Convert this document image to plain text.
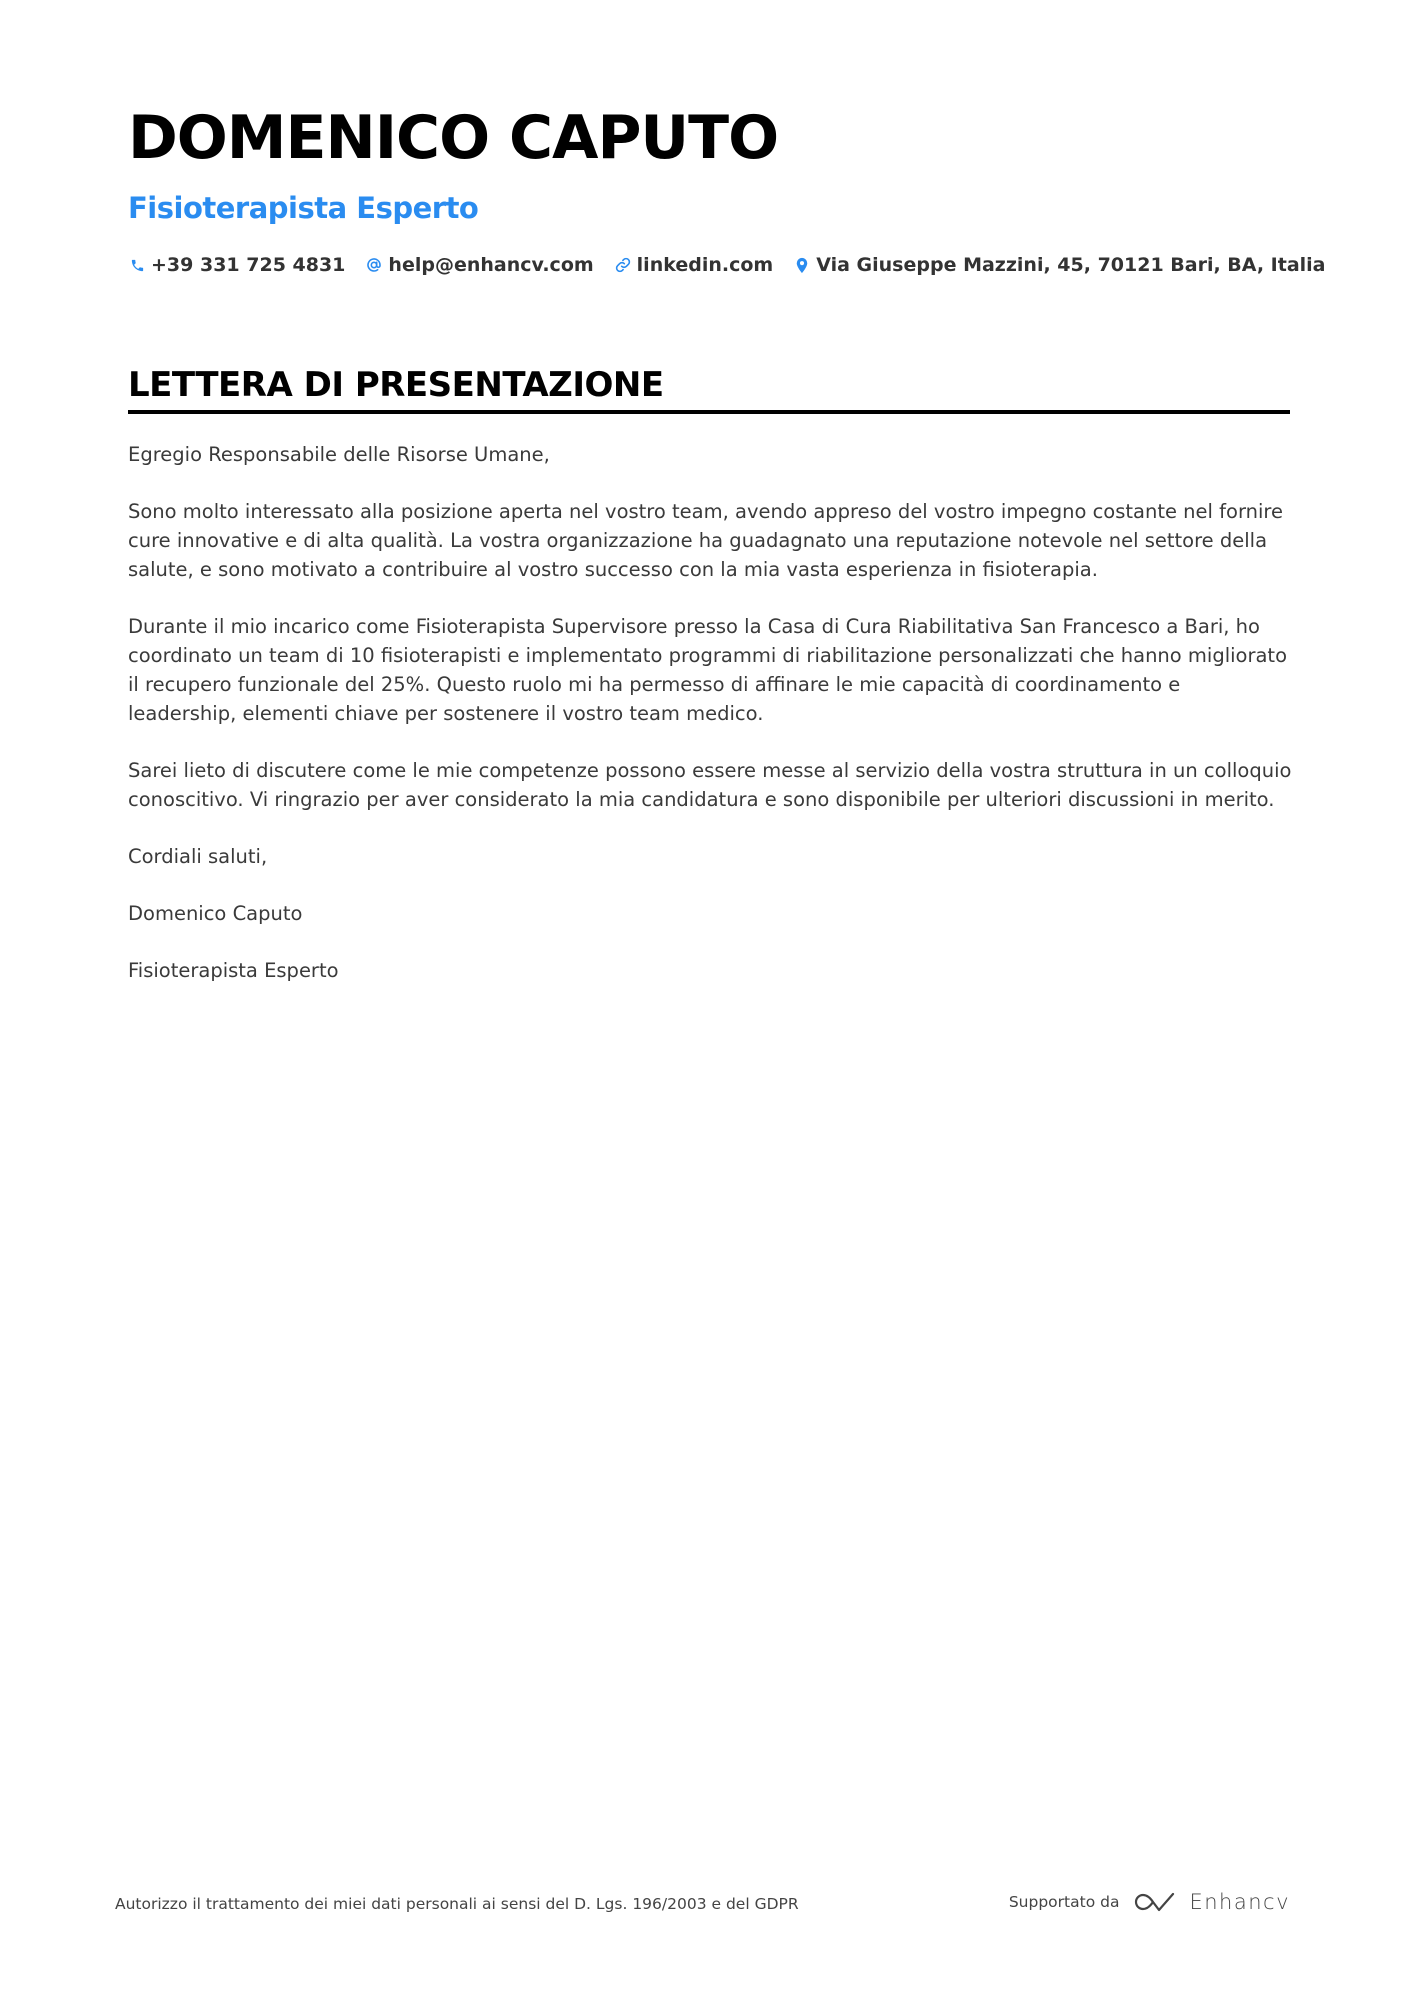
DOMENICO CAPUTO
Fisioterapista Esperto
+39 331 725 4831 help@enhancv.com linkedin.com Via Giuseppe Mazzini, 45, 70121 Bari, BA, Italia
LETTERA DI PRESENTAZIONE

Egregio Responsabile delle Risorse Umane,

Sono molto interessato alla posizione aperta nel vostro team, avendo appreso del vostro impegno costante nel fornire cure innovative e di alta qualità. La vostra organizzazione ha guadagnato una reputazione notevole nel settore della salute, e sono motivato a contribuire al vostro successo con la mia vasta esperienza in fisioterapia.

Durante il mio incarico come Fisioterapista Supervisore presso la Casa di Cura Riabilitativa San Francesco a Bari, ho coordinato un team di 10 fisioterapisti e implementato programmi di riabilitazione personalizzati che hanno migliorato il recupero funzionale del 25%. Questo ruolo mi ha permesso di affinare le mie capacità di coordinamento e leadership, elementi chiave per sostenere il vostro team medico.

Sarei lieto di discutere come le mie competenze possono essere messe al servizio della vostra struttura in un colloquio conoscitivo. Vi ringrazio per aver considerato la mia candidatura e sono disponibile per ulteriori discussioni in merito.

Cordiali saluti,

Domenico Caputo

Fisioterapista Esperto

Autorizzo il trattamento dei miei dati personali ai sensi del D. Lgs. 196/2003 e del GDPR	Supportato da	Enhancv
